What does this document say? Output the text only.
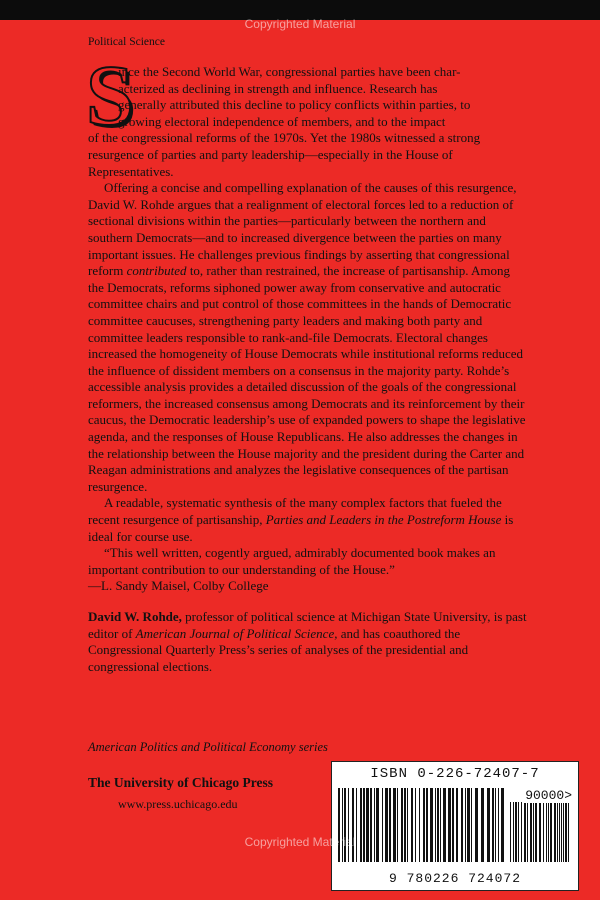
Copyrighted Material
Political Science
S

ince the Second World War, congressional parties have been char-
acterized as declining in strength and influence. Research has
generally attributed this decline to policy conflicts within parties, to
growing electoral independence of members, and to the impact
of the congressional reforms of the 1970s. Yet the 1980s witnessed a strong resurgence of parties and party leadership—especially in the House of Representatives.

Offering a concise and compelling explanation of the causes of this resurgence, David W. Rohde argues that a realignment of electoral forces led to a reduction of sectional divisions within the parties—particularly between the northern and southern Democrats—and to increased divergence between the parties on many important issues. He challenges previous findings by asserting that congressional reform contributed to, rather than restrained, the increase of partisanship. Among the Democrats, reforms siphoned power away from conservative and autocratic committee chairs and put control of those committees in the hands of Democratic committee caucuses, strengthening party leaders and making both party and committee leaders responsible to rank-and-file Democrats. Electoral changes increased the homogeneity of House Democrats while institutional reforms reduced the influence of dissident members on a consensus in the majority party. Rohde’s accessible analysis provides a detailed discussion of the goals of the congressional reformers, the increased consensus among Democrats and its reinforcement by their caucus, the Democratic leadership’s use of expanded powers to shape the legislative agenda, and the responses of House Republicans. He also addresses the changes in the relationship between the House majority and the president during the Carter and Reagan administrations and analyzes the legislative consequences of the partisan resurgence.

A readable, systematic synthesis of the many complex factors that fueled the recent resurgence of partisanship, Parties and Leaders in the Postreform House is ideal for course use.

“This well written, cogently argued, admirably documented book makes an important contribution to our understanding of the House.”

—L. Sandy Maisel, Colby College

David W. Rohde, professor of political science at Michigan State University, is past editor of American Journal of Political Science, and has coauthored the Congressional Quarterly Press’s series of analyses of the presidential and congressional elections.

American Politics and Political Economy series
The University of Chicago Press
www.press.uchicago.edu
ISBN 0-226-72407-7
90000>
9 780226 724072
Copyrighted Material
